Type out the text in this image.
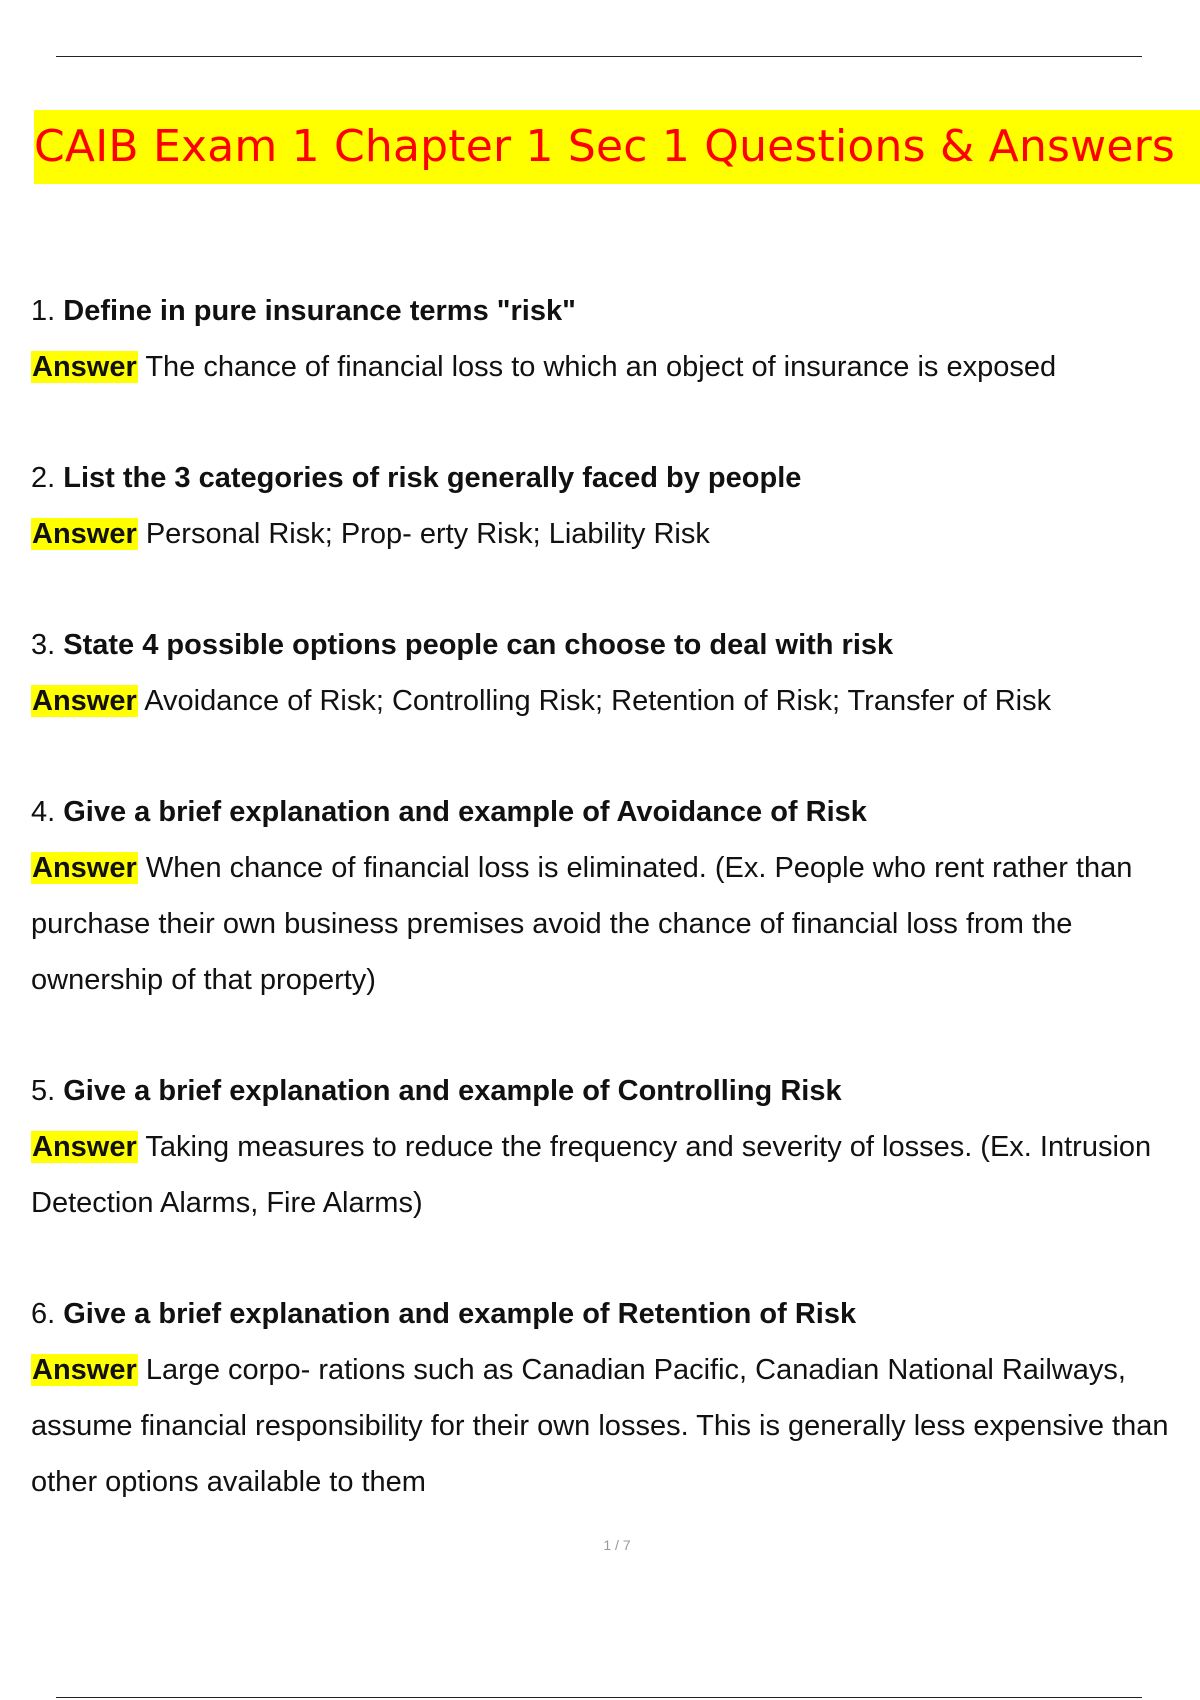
CAIB Exam 1 Chapter 1 Sec 1 Questions & Answers
1. Define in pure insurance terms "risk"
Answer The chance of financial loss to which an object of insurance is exposed
2. List the 3 categories of risk generally faced by people
Answer Personal Risk; Prop- erty Risk; Liability Risk
3. State 4 possible options people can choose to deal with risk
Answer Avoidance of Risk; Controlling Risk; Retention of Risk; Transfer of Risk
4. Give a brief explanation and example of Avoidance of Risk
Answer When chance of financial loss is eliminated. (Ex. People who rent rather than purchase their own business premises avoid the chance of financial loss from the ownership of that property)
5. Give a brief explanation and example of Controlling Risk
Answer Taking measures to reduce the frequency and severity of losses. (Ex. Intrusion Detection Alarms, Fire Alarms)
6. Give a brief explanation and example of Retention of Risk
Answer Large corpo- rations such as Canadian Pacific, Canadian National Railways, assume financial responsibility for their own losses. This is generally less expensive than other options available to them
1 / 7
